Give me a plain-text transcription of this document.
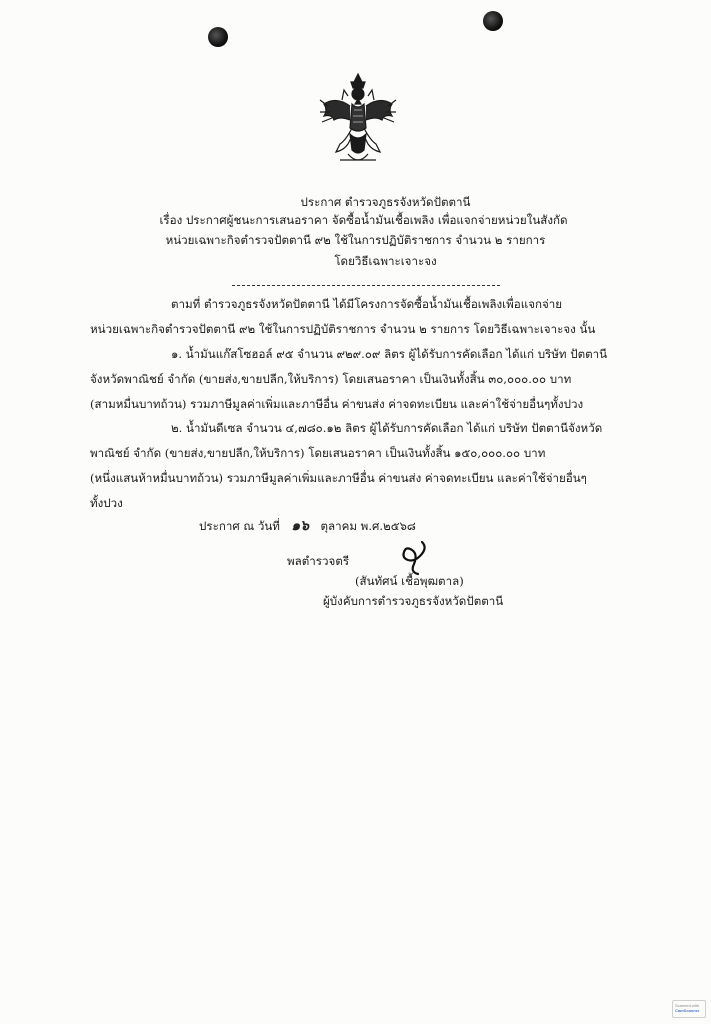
ประกาศ ตำรวจภูธรจังหวัดปัตตานี
เรื่อง ประกาศผู้ชนะการเสนอราคา จัดซื้อน้ำมันเชื้อเพลิง เพื่อแจกจ่ายหน่วยในสังกัด
หน่วยเฉพาะกิจตำรวจปัตตานี ๙๒ ใช้ในการปฏิบัติราชการ จำนวน ๒ รายการ
โดยวิธีเฉพาะเจาะจง
ตามที่ ตำรวจภูธรจังหวัดปัตตานี ได้มีโครงการจัดซื้อน้ำมันเชื้อเพลิงเพื่อแจกจ่าย
หน่วยเฉพาะกิจตำรวจปัตตานี ๙๒ ใช้ในการปฏิบัติราชการ จำนวน ๒ รายการ โดยวิธีเฉพาะเจาะจง นั้น
๑. น้ำมันแก๊สโซฮอล์ ๙๕ จำนวน ๙๒๙.๐๙ ลิตร ผู้ได้รับการคัดเลือก ได้แก่ บริษัท ปัตตานี
จังหวัดพาณิชย์ จำกัด (ขายส่ง,ขายปลีก,ให้บริการ) โดยเสนอราคา เป็นเงินทั้งสิ้น ๓๐,๐๐๐.๐๐ บาท
(สามหมื่นบาทถ้วน) รวมภาษีมูลค่าเพิ่มและภาษีอื่น ค่าขนส่ง ค่าจดทะเบียน และค่าใช้จ่ายอื่นๆทั้งปวง
๒. น้ำมันดีเซล จำนวน ๔,๗๘๐.๑๒ ลิตร ผู้ได้รับการคัดเลือก ได้แก่ บริษัท ปัตตานีจังหวัด
พาณิชย์ จำกัด (ขายส่ง,ขายปลีก,ให้บริการ) โดยเสนอราคา เป็นเงินทั้งสิ้น ๑๕๐,๐๐๐.๐๐ บาท
(หนึ่งแสนห้าหมื่นบาทถ้วน) รวมภาษีมูลค่าเพิ่มและภาษีอื่น ค่าขนส่ง ค่าจดทะเบียน และค่าใช้จ่ายอื่นๆ
ทั้งปวง
ประกาศ ณ วันที่ ๑๖ ตุลาคม พ.ศ.๒๕๖๘
พลตำรวจตรี
(สันทัศน์ เชื้อพุฒตาล)
ผู้บังคับการตำรวจภูธรจังหวัดปัตตานี
Scanned with
CamScanner
